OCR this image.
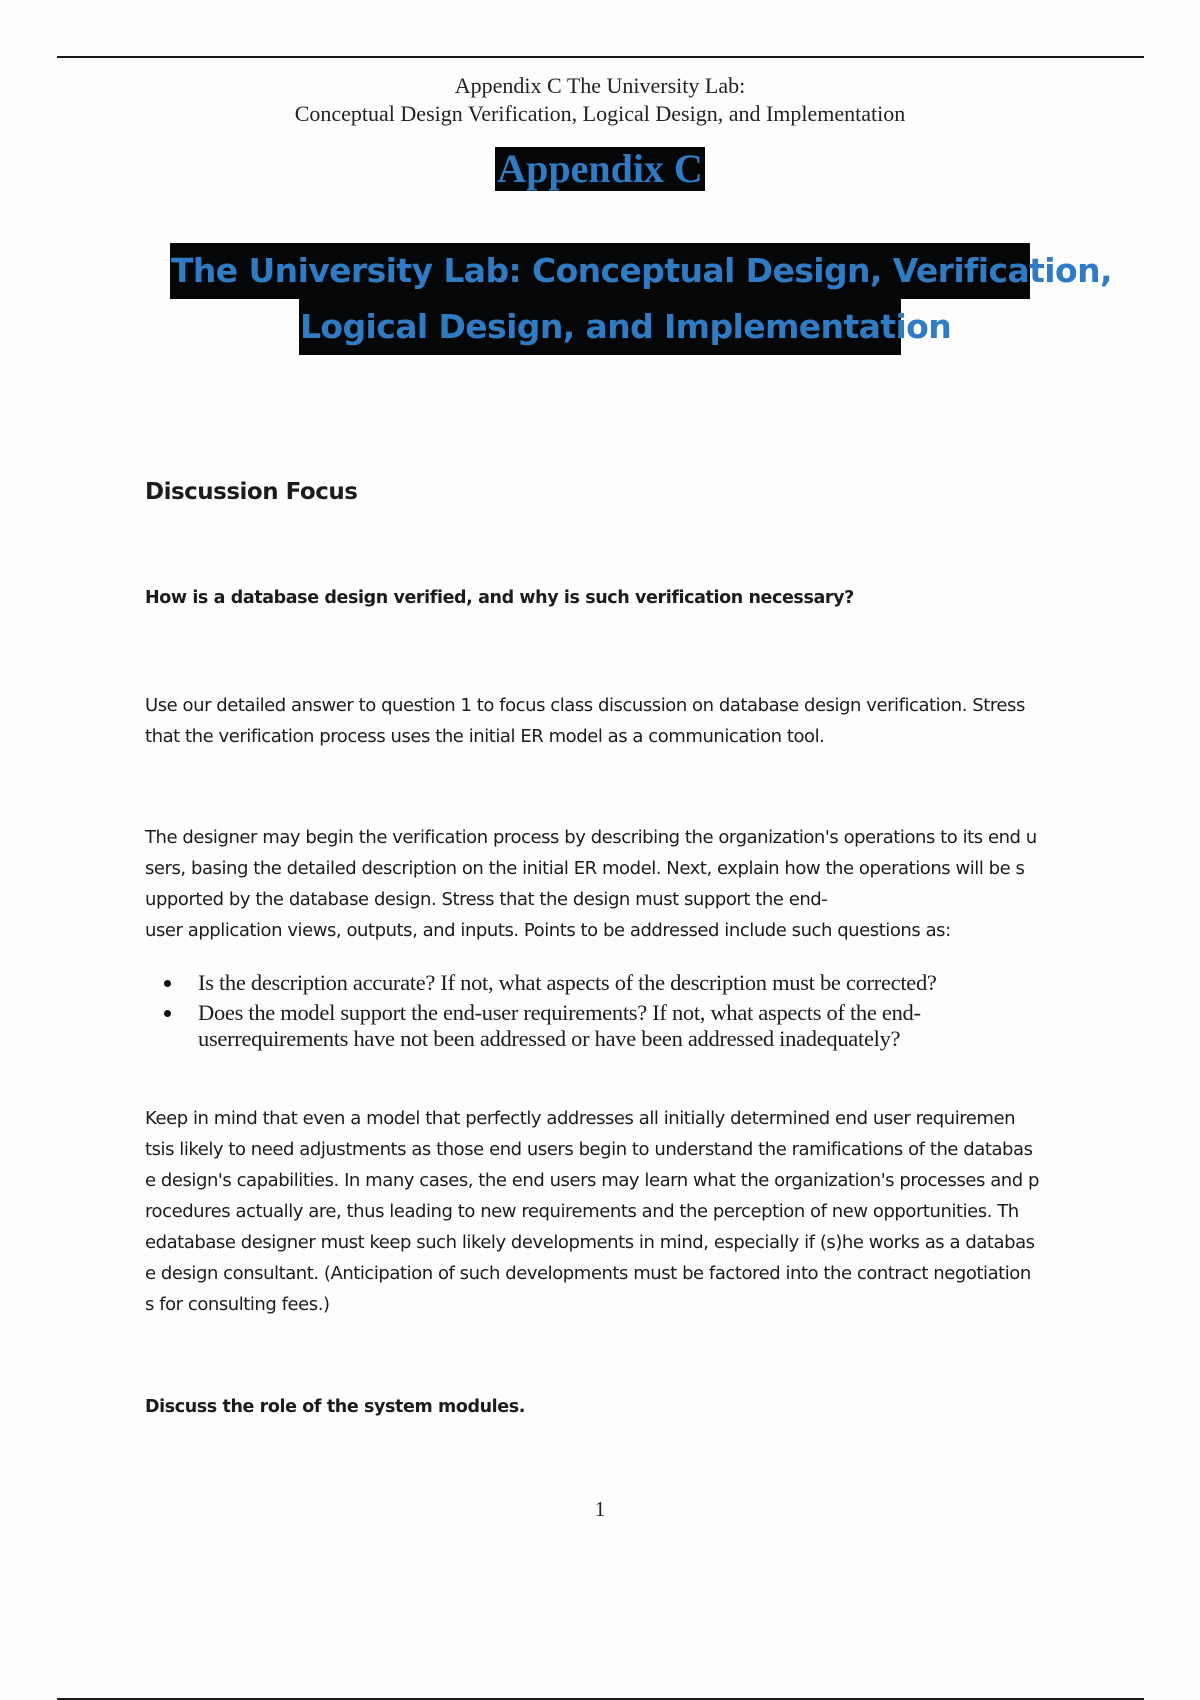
Appendix C The University Lab:
Conceptual Design Verification, Logical Design, and Implementation
Appendix C
The University Lab: Conceptual Design, Verification,
Logical Design, and Implementation
Discussion Focus
How is a database design verified, and why is such verification necessary?
Use our detailed answer to question 1 to focus class discussion on database design verification. Stress
that the verification process uses the initial ER model as a communication tool.
The designer may begin the verification process by describing the organization's operations to its end u
sers, basing the detailed description on the initial ER model. Next, explain how the operations will be s
upported by the database design. Stress that the design must support the end-
user application views, outputs, and inputs. Points to be addressed include such questions as:
Is the description accurate? If not, what aspects of the description must be corrected?
Does the model support the end-user requirements? If not, what aspects of the end-
userrequirements have not been addressed or have been addressed inadequately?
Keep in mind that even a model that perfectly addresses all initially determined end user requiremen
tsis likely to need adjustments as those end users begin to understand the ramifications of the databas
e design's capabilities. In many cases, the end users may learn what the organization's processes and p
rocedures actually are, thus leading to new requirements and the perception of new opportunities. Th
edatabase designer must keep such likely developments in mind, especially if (s)he works as a databas
e design consultant. (Anticipation of such developments must be factored into the contract negotiation
s for consulting fees.)
Discuss the role of the system modules.
1
